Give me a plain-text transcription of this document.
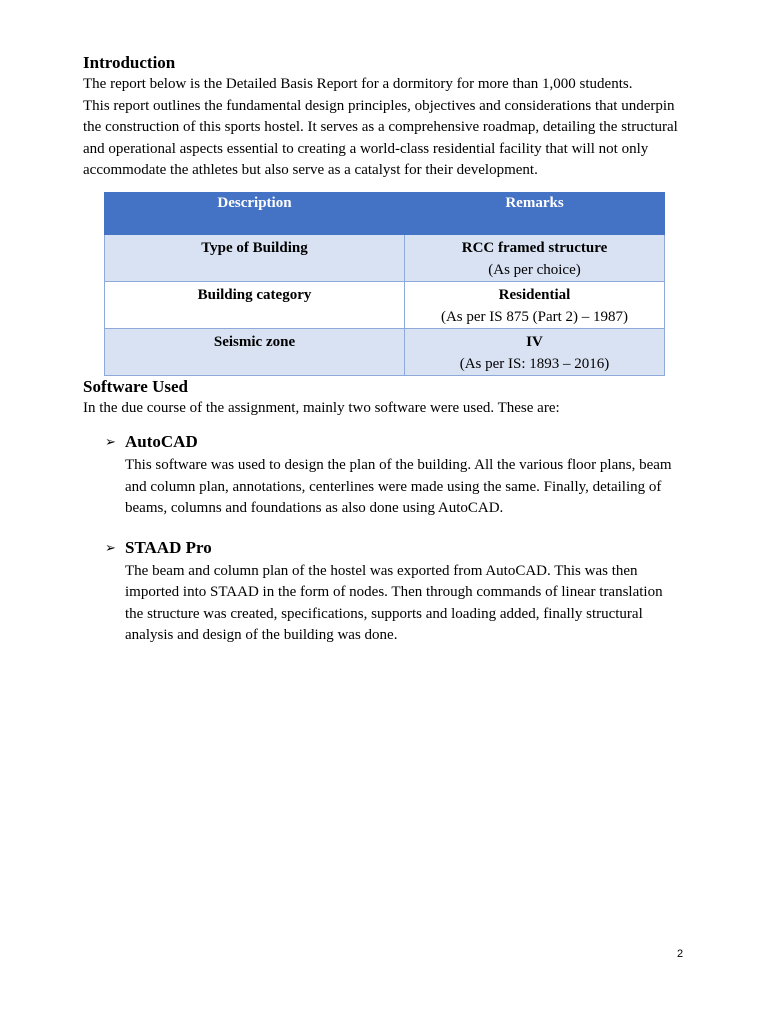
Introduction

The report below is the Detailed Basis Report for a dormitory for more than 1,000 students.

This report outlines the fundamental design principles, objectives and considerations that underpin the construction of this sports hostel. It serves as a comprehensive roadmap, detailing the structural and operational aspects essential to creating a world-class residential facility that will not only accommodate the athletes but also serve as a catalyst for their development.

Description	Remarks
Type of Building	RCC framed structure
(As per choice)

Building category	Residential
(As per IS 875 (Part 2) – 1987)

Seismic zone	IV
(As per IS: 1893 – 2016)
Software Used

In the due course of the assignment, mainly two software were used. These are:

➢ AutoCAD

This software was used to design the plan of the building. All the various floor plans, beam and column plan, annotations, centerlines were made using the same. Finally, detailing of beams, columns and foundations as also done using AutoCAD.

➢ STAAD Pro

The beam and column plan of the hostel was exported from AutoCAD. This was then imported into STAAD in the form of nodes. Then through commands of linear translation the structure was created, specifications, supports and loading added, finally structural analysis and design of the building was done.

2
